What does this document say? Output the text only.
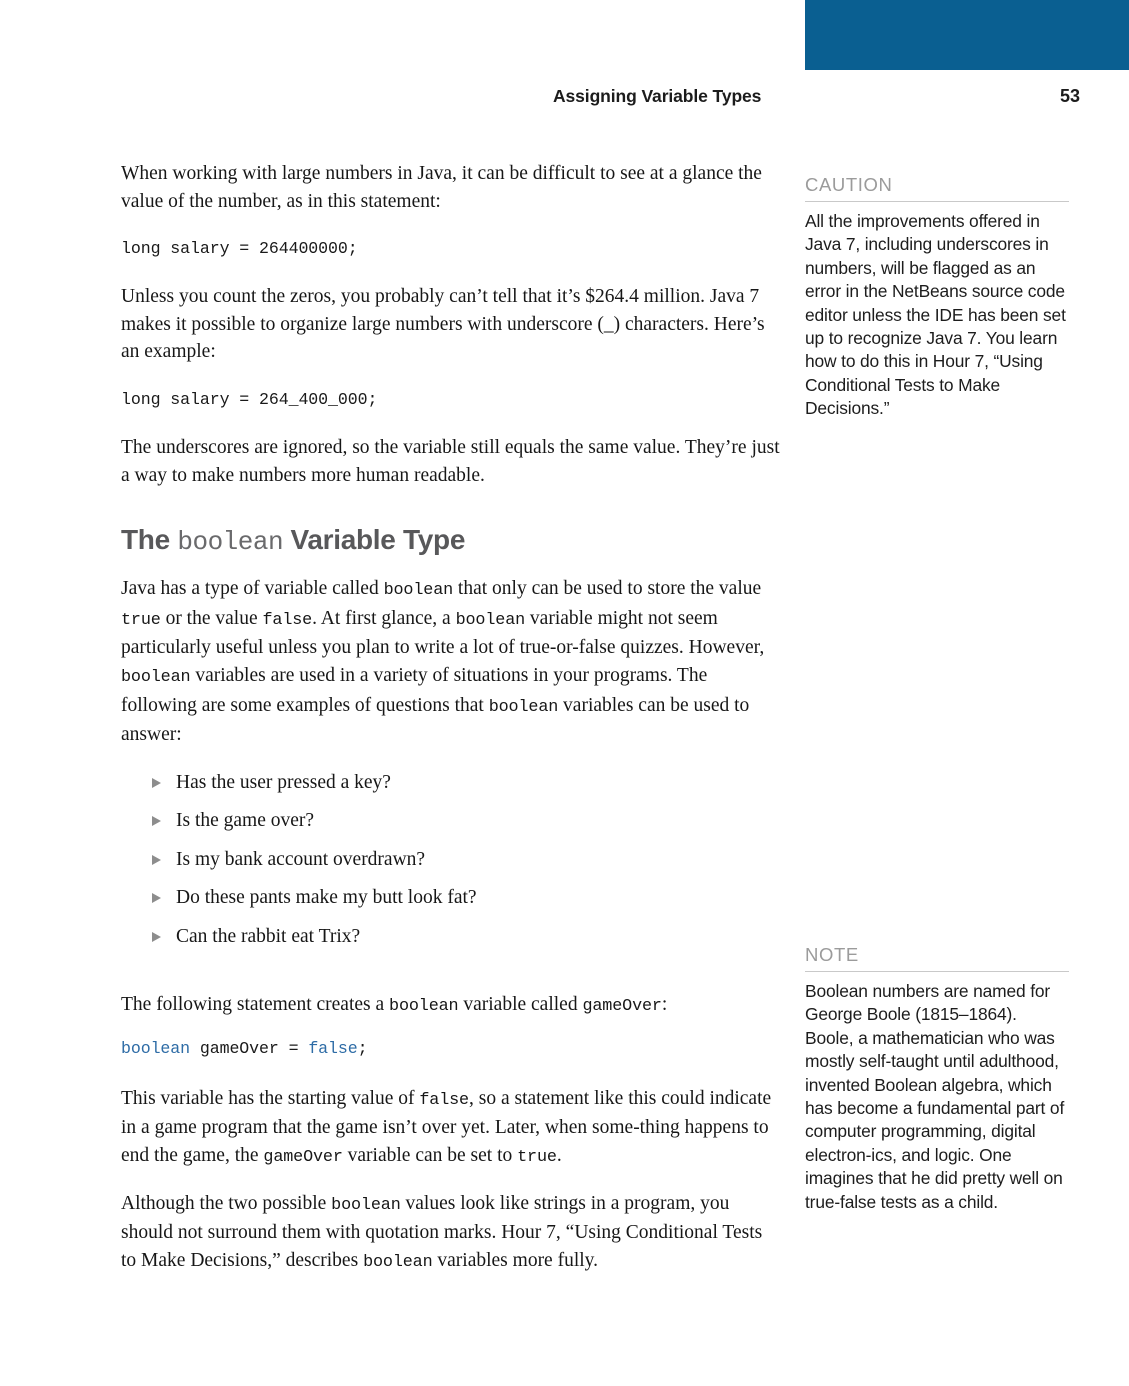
Assigning Variable Types	53

When working with large numbers in Java, it can be difficult to see at a glance the value of the number, as in this statement:

long salary = 264400000;

Unless you count the zeros, you probably can’t tell that it’s $264.4 million. Java 7 makes it possible to organize large numbers with underscore (_) characters. Here’s an example:

long salary = 264_400_000;

The underscores are ignored, so the variable still equals the same value. They’re just a way to make numbers more human readable.

The boolean Variable Type

Java has a type of variable called boolean that only can be used to store the value true or the value false. At first glance, a boolean variable might not seem particularly useful unless you plan to write a lot of true-or-false quizzes. However, boolean variables are used in a variety of situations in your programs. The following are some examples of questions that boolean variables can be used to answer:

Has the user pressed a key?
Is the game over?
Is my bank account overdrawn?
Do these pants make my butt look fat?
Can the rabbit eat Trix?

The following statement creates a boolean variable called gameOver:

boolean gameOver = false;

This variable has the starting value of false, so a statement like this could indicate in a game program that the game isn’t over yet. Later, when some-thing happens to end the game, the gameOver variable can be set to true.

Although the two possible boolean values look like strings in a program, you should not surround them with quotation marks. Hour 7, “Using Conditional Tests to Make Decisions,” describes boolean variables more fully.

CAUTION
All the improvements offered in Java 7, including underscores in numbers, will be flagged as an error in the NetBeans source code editor unless the IDE has been set up to recognize Java 7. You learn how to do this in Hour 7, “Using Conditional Tests to Make Decisions.”
NOTE
Boolean numbers are named for George Boole (1815–1864). Boole, a mathematician who was mostly self-taught until adulthood, invented Boolean algebra, which has become a fundamental part of computer programming, digital electron-ics, and logic. One imagines that he did pretty well on true-false tests as a child.
